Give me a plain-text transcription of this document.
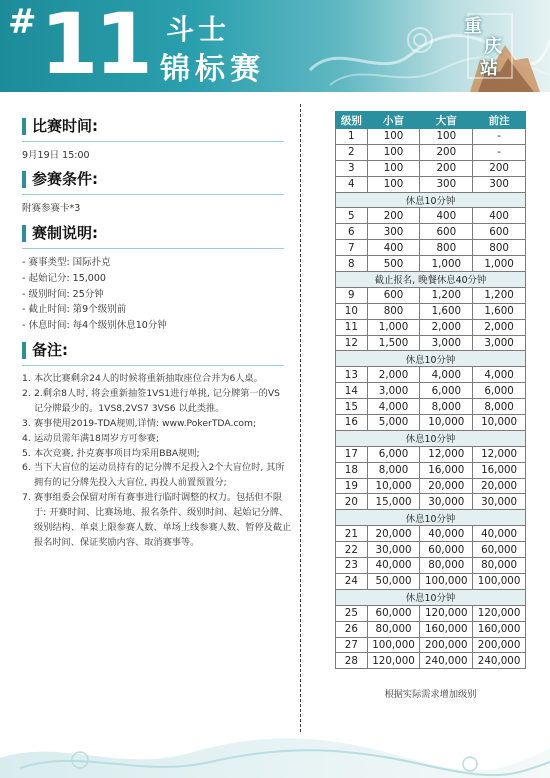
# 11 斗士
锦标赛
重
庆
站
比赛时间:
9月19日 15:00
参赛条件:
附赛参赛卡*3
赛制说明:
- 赛事类型: 国际扑克
- 起始记分: 15,000
- 级别时间: 25分钟
- 截止时间: 第9个级别前
- 休息时间: 每4个级别休息10分钟
备注:
1. 本次比赛剩余24人的时候将重新抽取座位合并为6人桌。
2. 2.剩余8人时, 将会重新抽签1VS1进行单挑, 记分牌第一的VS
记分牌最少的。1VS8,2VS7 3VS6 以此类推。
3. 赛事使用2019-TDA规则,详情: www.PokerTDA.com;
4. 运动员需年满18周岁方可参赛;
5. 本次竞赛, 扑克赛事项目均采用BBA规则;
6. 当下大盲位的运动员持有的记分牌不足投入2个大盲位时, 其所
拥有的记分牌先投入大盲位, 再投人前置预置分;
7. 赛事组委会保留对所有赛事进行临时调整的权力。包括但不限
于: 开赛时间、比赛场地、报名条件、级别时间、起始记分牌、
级别结构、单桌上限参赛人数、单场上线参赛人数、暂停及截止
报名时间、保证奖励内容、取消赛事等。
级别	小盲	大盲	前注
1	100	100	-
2	100	200	-
3	100	200	200
4	100	300	300
休息10分钟			
5	200	400	400
6	300	600	600
7	400	800	800
8	500	1,000	1,000
截止报名, 晚餐休息40分钟			
9	600	1,200	1,200
10	800	1,600	1,600
11	1,000	2,000	2,000
12	1,500	3,000	3,000
休息10分钟			
13	2,000	4,000	4,000
14	3,000	6,000	6,000
15	4,000	8,000	8,000
16	5,000	10,000	10,000
休息10分钟			
17	6,000	12,000	12,000
18	8,000	16,000	16,000
19	10,000	20,000	20,000
20	15,000	30,000	30,000
休息10分钟			
21	20,000	40,000	40,000
22	30,000	60,000	60,000
23	40,000	80,000	80,000
24	50,000	100,000	100,000
休息10分钟			
25	60,000	120,000	120,000
26	80,000	160,000	160,000
27	100,000	200,000	200,000
28	120,000	240,000	240,000
根据实际需求增加级别
